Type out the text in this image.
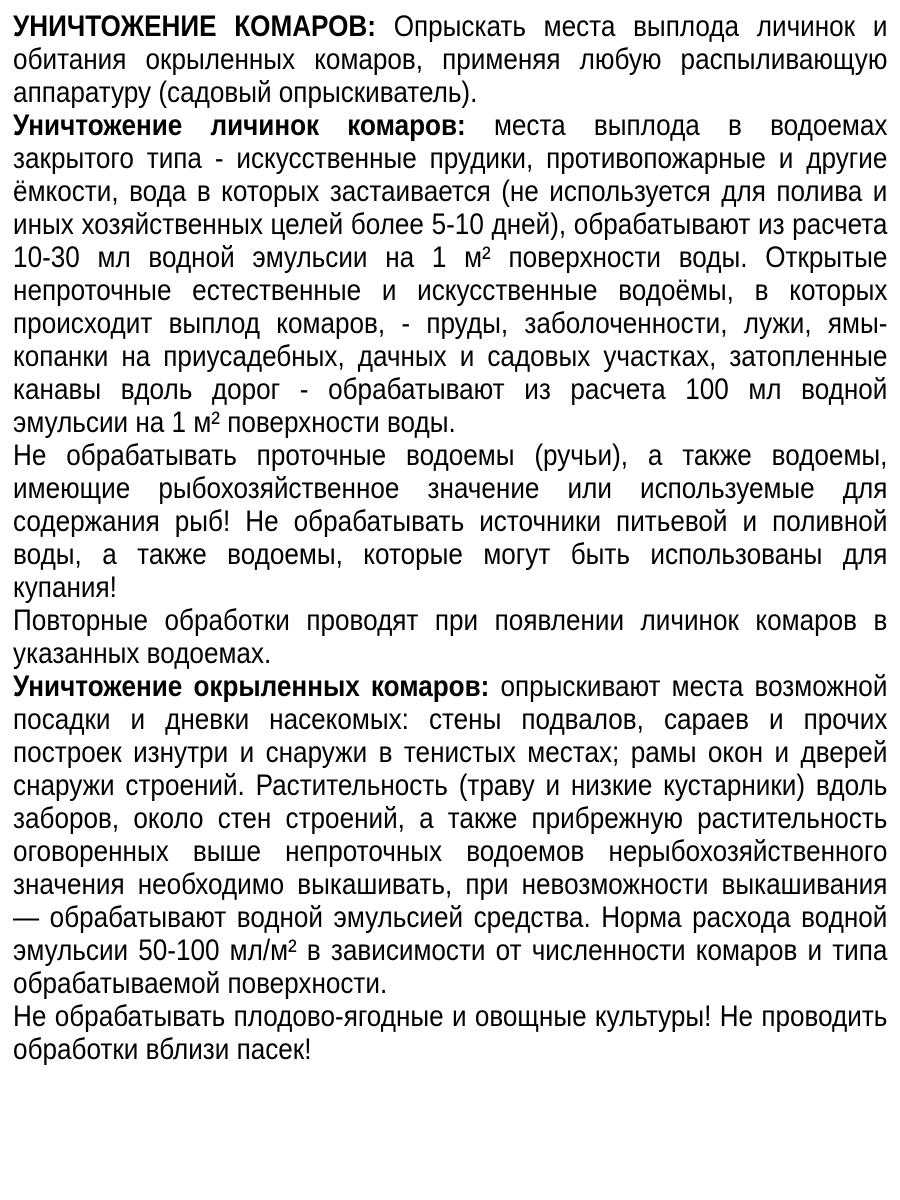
УНИЧТОЖЕНИЕ КОМАРОВ: Опрыскать места выплода личинок и обитания окрыленных комаров, применяя любую распыливающую аппаратуру (садовый опрыскиватель).

Уничтожение личинок комаров: места выплода в водоемах закрытого типа - искусственные прудики, противопожарные и другие ёмкости, вода в которых застаивается (не используется для полива и иных хозяйственных целей более 5-10 дней), обрабатывают из расчета 10-30 мл водной эмульсии на 1 м² поверхности воды. Открытые непроточные естественные и искусственные водоёмы, в которых происходит выплод комаров, - пруды, заболоченности, лужи, ямы-копанки на приусадебных, дачных и садовых участках, затопленные канавы вдоль дорог - обрабатывают из расчета 100 мл водной эмульсии на 1 м² поверхности воды.

Не обрабатывать проточные водоемы (ручьи), а также водоемы, имеющие рыбохозяйственное значение или используемые для содержания рыб! Не обрабатывать источники питьевой и поливной воды, а также водоемы, которые могут быть использованы для купания!

Повторные обработки проводят при появлении личинок комаров в указанных водоемах.

Уничтожение окрыленных комаров: опрыскивают места возможной посадки и дневки насекомых: стены подвалов, сараев и прочих построек изнутри и снаружи в тенистых местах; рамы окон и дверей снаружи строений. Растительность (траву и низкие кустарники) вдоль заборов, около стен строений, а также прибрежную растительность оговоренных выше непроточных водоемов нерыбохозяйственного значения необходимо выкашивать, при невозможности выкашивания — обрабатывают водной эмульсией средства. Норма расхода водной эмульсии 50-100 мл/м² в зависимости от численности комаров и типа обрабатываемой поверхности.

Не обрабатывать плодово-ягодные и овощные культуры! Не проводить обработки вблизи пасек!
